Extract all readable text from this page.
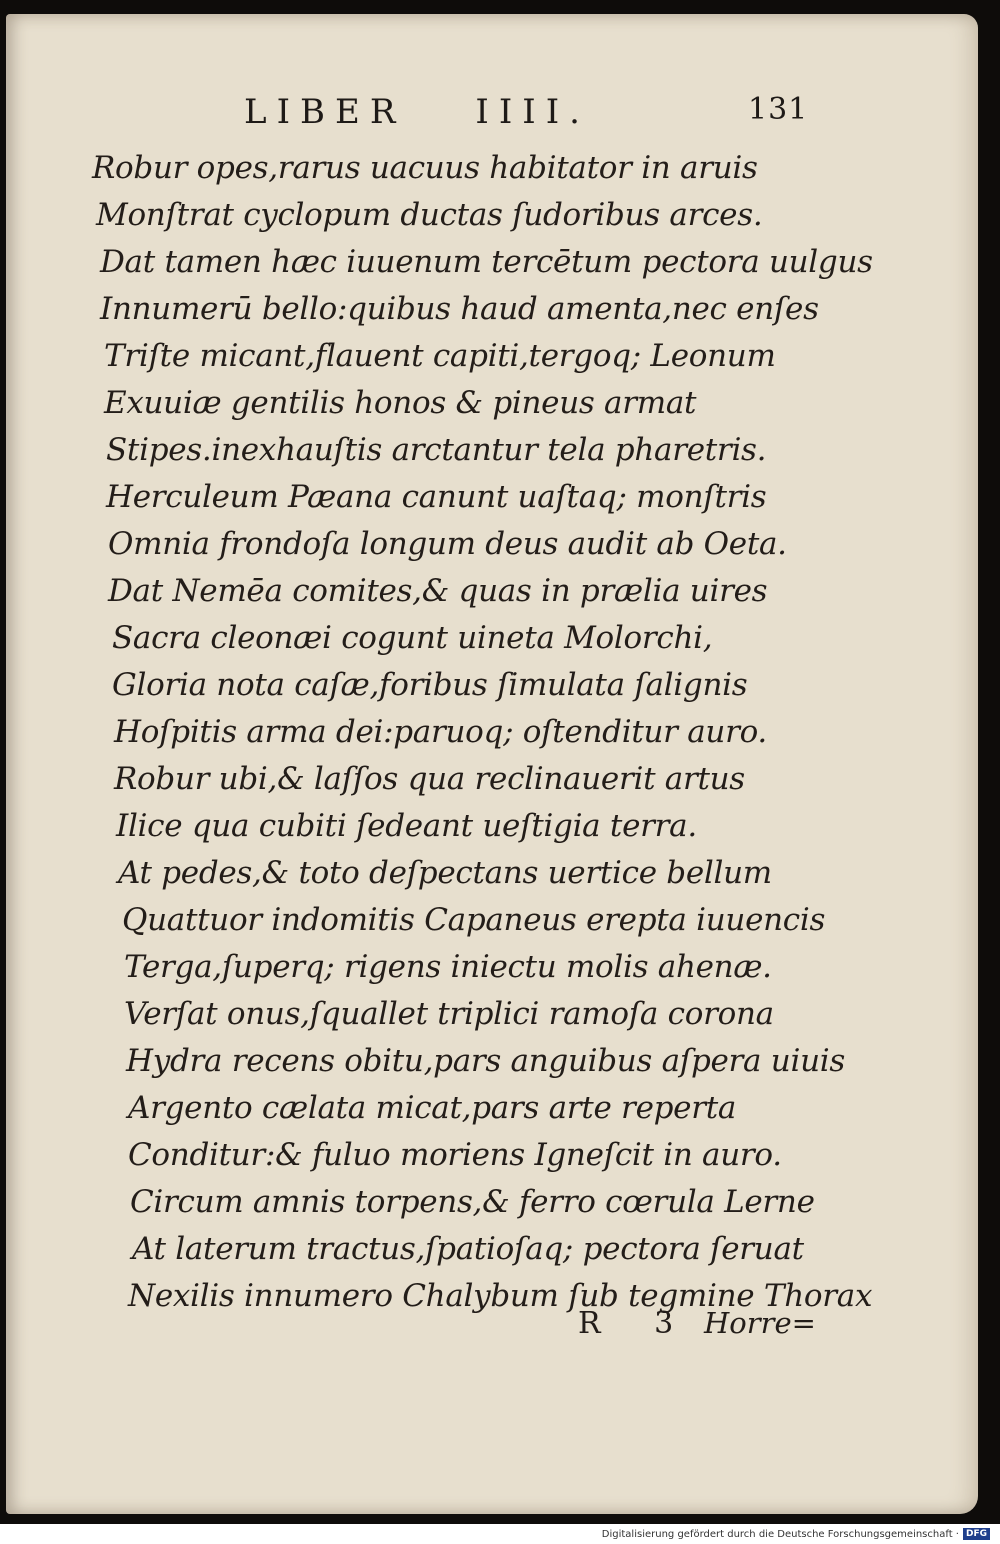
LIBER IIII.	131
Robur opes,rarus uacuus habitator in aruis
Monſtrat cyclopum ductas ſudoribus arces.
Dat tamen hæc iuuenum tercētum pectora uulgus
Innumerū bello:quibus haud amenta,nec enſes
Triſte micant,flauent capiti,tergoq; Leonum
Exuuiæ gentilis honos & pineus armat
Stipes.inexhauſtis arctantur tela pharetris.
Herculeum Pæana canunt uaſtaq; monſtris
Omnia frondoſa longum deus audit ab Oeta.
Dat Nemēa comites,& quas in prælia uires
Sacra cleonæi cogunt uineta Molorchi,
Gloria nota caſæ,foribus ſimulata ſalignis
Hoſpitis arma dei:paruoq; oſtenditur auro.
Robur ubi,& laſſos qua reclinauerit artus
Ilice qua cubiti ſedeant ueſtigia terra.
At pedes,& toto deſpectans uertice bellum
Quattuor indomitis Capaneus erepta iuuencis
Terga,ſuperq; rigens iniectu molis ahenæ.
Verſat onus,ſquallet triplici ramoſa corona
Hydra recens obitu,pars anguibus aſpera uiuis
Argento cælata micat,pars arte reperta
Conditur:& fuluo moriens Igneſcit in auro.
Circum amnis torpens,& ferro cœrula Lerne
At laterum tractus,ſpatioſaq; pectora ſeruat
Nexilis innumero Chalybum ſub tegmine Thorax
R 3 Horre=
Digitalisierung gefördert durch die Deutsche Forschungsgemeinschaft · DFG
